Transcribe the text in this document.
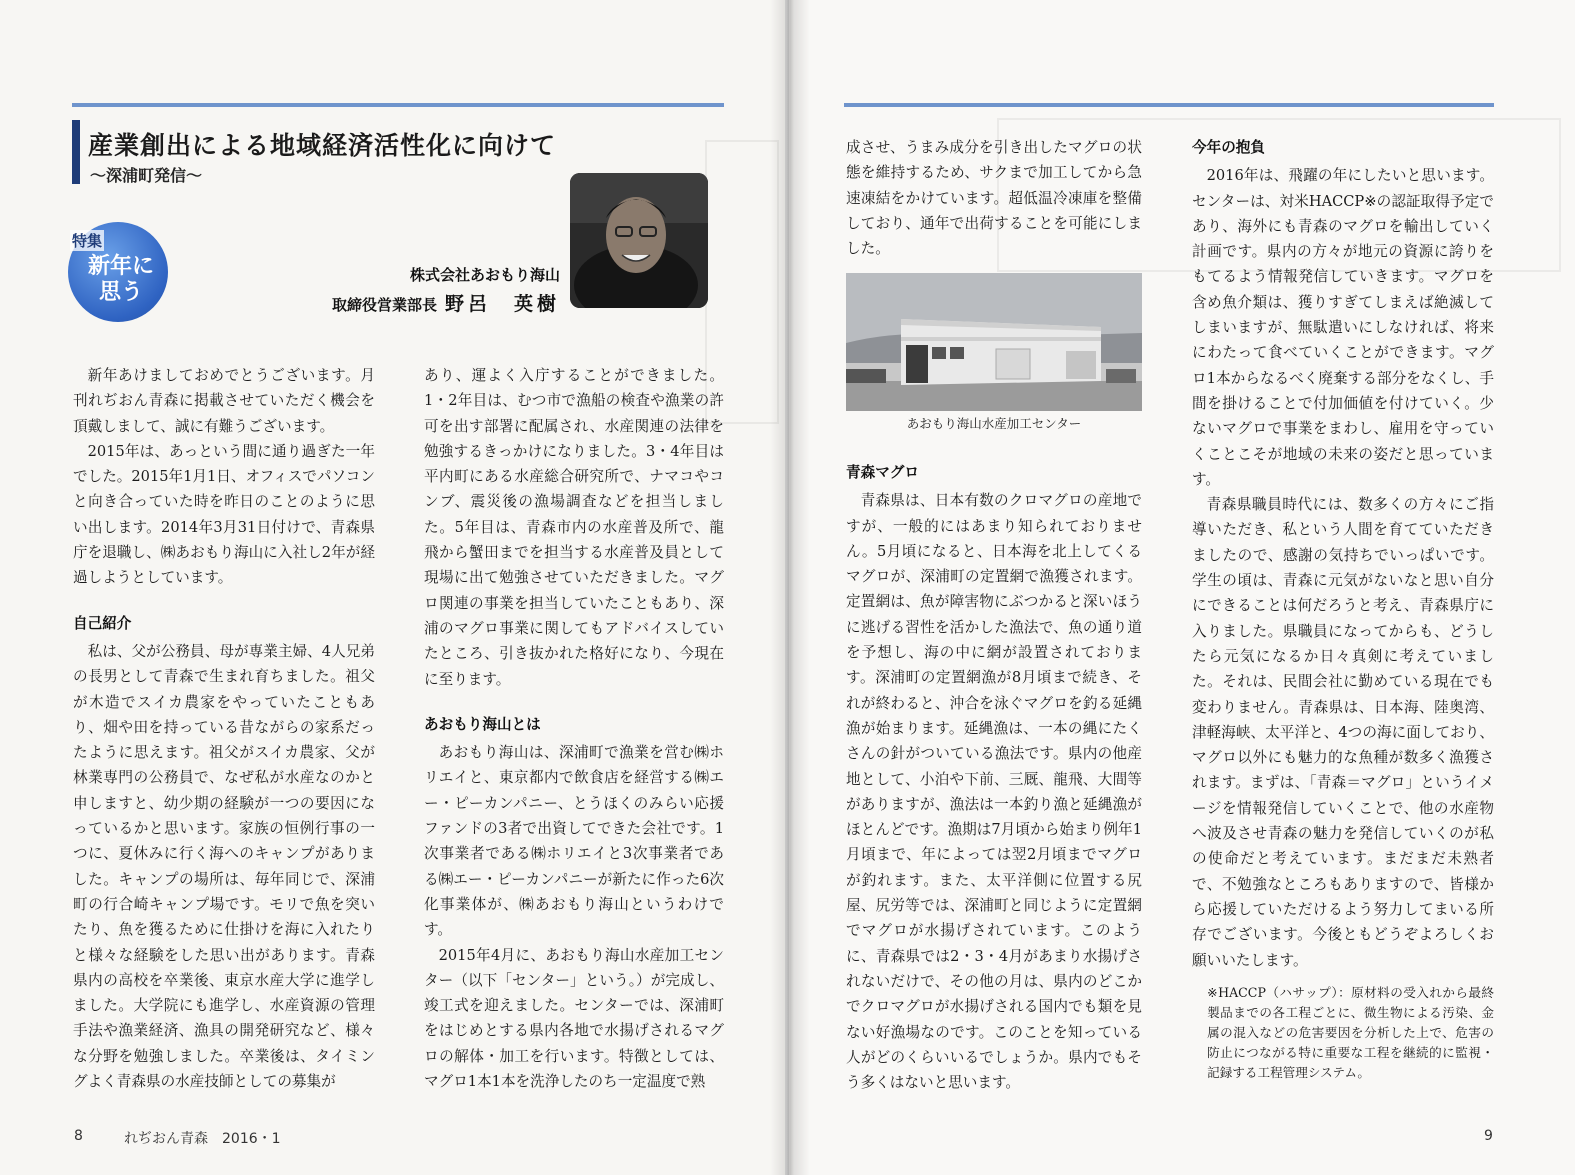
産業創出による地域経済活性化に向けて
〜深浦町発信〜
特集
新年に
思う
株式会社あおもり海山
取締役営業部長 野呂　英樹

新年あけましておめでとうございます。月刊れぢおん青森に掲載させていただく機会を頂戴しまして、誠に有難うございます。

2015年は、あっという間に通り過ぎた一年でした。2015年1月1日、オフィスでパソコンと向き合っていた時を昨日のことのように思い出します。2014年3月31日付けで、青森県庁を退職し、㈱あおもり海山に入社し2年が経過しようとしています。

自己紹介

私は、父が公務員、母が専業主婦、4人兄弟の長男として青森で生まれ育ちました。祖父が木造でスイカ農家をやっていたこともあり、畑や田を持っている昔ながらの家系だったように思えます。祖父がスイカ農家、父が林業専門の公務員で、なぜ私が水産なのかと申しますと、幼少期の経験が一つの要因になっているかと思います。家族の恒例行事の一つに、夏休みに行く海へのキャンプがありました。キャンプの場所は、毎年同じで、深浦町の行合崎キャンプ場です。モリで魚を突いたり、魚を獲るために仕掛けを海に入れたりと様々な経験をした思い出があります。青森県内の高校を卒業後、東京水産大学に進学しました。大学院にも進学し、水産資源の管理手法や漁業経済、漁具の開発研究など、様々な分野を勉強しました。卒業後は、タイミングよく青森県の水産技師としての募集が

あり、運よく入庁することができました。1・2年目は、むつ市で漁船の検査や漁業の許可を出す部署に配属され、水産関連の法律を勉強するきっかけになりました。3・4年目は平内町にある水産総合研究所で、ナマコやコンブ、震災後の漁場調査などを担当しました。5年目は、青森市内の水産普及所で、龍飛から蟹田までを担当する水産普及員として現場に出て勉強させていただきました。マグロ関連の事業を担当していたこともあり、深浦のマグロ事業に関してもアドバイスしていたところ、引き抜かれた格好になり、今現在に至ります。

あおもり海山とは

あおもり海山は、深浦町で漁業を営む㈱ホリエイと、東京都内で飲食店を経営する㈱エー・ピーカンパニー、とうほくのみらい応援ファンドの3者で出資してできた会社です。1次事業者である㈱ホリエイと3次事業者である㈱エー・ピーカンパニーが新たに作った6次化事業体が、㈱あおもり海山というわけです。

2015年4月に、あおもり海山水産加工センター（以下「センター」という。）が完成し、竣工式を迎えました。センターでは、深浦町をはじめとする県内各地で水揚げされるマグロの解体・加工を行います。特徴としては、マグロ1本1本を洗浄したのち一定温度で熟

8	れぢおん青森　2016・1	9

成させ、うまみ成分を引き出したマグロの状態を維持するため、サクまで加工してから急速凍結をかけています。超低温冷凍庫を整備しており、通年で出荷することを可能にしました。

あおもり海山水産加工センター
青森マグロ

青森県は、日本有数のクロマグロの産地ですが、一般的にはあまり知られておりません。5月頃になると、日本海を北上してくるマグロが、深浦町の定置網で漁獲されます。定置網は、魚が障害物にぶつかると深いほうに逃げる習性を活かした漁法で、魚の通り道を予想し、海の中に網が設置されております。深浦町の定置網漁が8月頃まで続き、それが終わると、沖合を泳ぐマグロを釣る延縄漁が始まります。延縄漁は、一本の縄にたくさんの針がついている漁法です。県内の他産地として、小泊や下前、三厩、龍飛、大間等がありますが、漁法は一本釣り漁と延縄漁がほとんどです。漁期は7月頃から始まり例年1月頃まで、年によっては翌2月頃までマグロが釣れます。また、太平洋側に位置する尻屋、尻労等では、深浦町と同じように定置網でマグロが水揚げされています。このように、青森県では2・3・4月があまり水揚げされないだけで、その他の月は、県内のどこかでクロマグロが水揚げされる国内でも類を見ない好漁場なのです。このことを知っている人がどのくらいいるでしょうか。県内でもそう多くはないと思います。

今年の抱負

2016年は、飛躍の年にしたいと思います。センターは、対米HACCP※の認証取得予定であり、海外にも青森のマグロを輸出していく計画です。県内の方々が地元の資源に誇りをもてるよう情報発信していきます。マグロを含め魚介類は、獲りすぎてしまえば絶滅してしまいますが、無駄遣いにしなければ、将来にわたって食べていくことができます。マグロ1本からなるべく廃棄する部分をなくし、手間を掛けることで付加価値を付けていく。少ないマグロで事業をまわし、雇用を守っていくことこそが地域の未来の姿だと思っています。

青森県職員時代には、数多くの方々にご指導いただき、私という人間を育てていただきましたので、感謝の気持ちでいっぱいです。学生の頃は、青森に元気がないなと思い自分にできることは何だろうと考え、青森県庁に入りました。県職員になってからも、どうしたら元気になるか日々真剣に考えていました。それは、民間会社に勤めている現在でも変わりません。青森県は、日本海、陸奥湾、津軽海峡、太平洋と、4つの海に面しており、マグロ以外にも魅力的な魚種が数多く漁獲されます。まずは、「青森＝マグロ」というイメージを情報発信していくことで、他の水産物へ波及させ青森の魅力を発信していくのが私の使命だと考えています。まだまだ未熟者で、不勉強なところもありますので、皆様から応援していただけるよう努力してまいる所存でございます。今後ともどうぞよろしくお願いいたします。

※HACCP（ハサップ）：原材料の受入れから最終製品までの各工程ごとに、微生物による汚染、金属の混入などの危害要因を分析した上で、危害の防止につながる特に重要な工程を継続的に監視・記録する工程管理システム。
